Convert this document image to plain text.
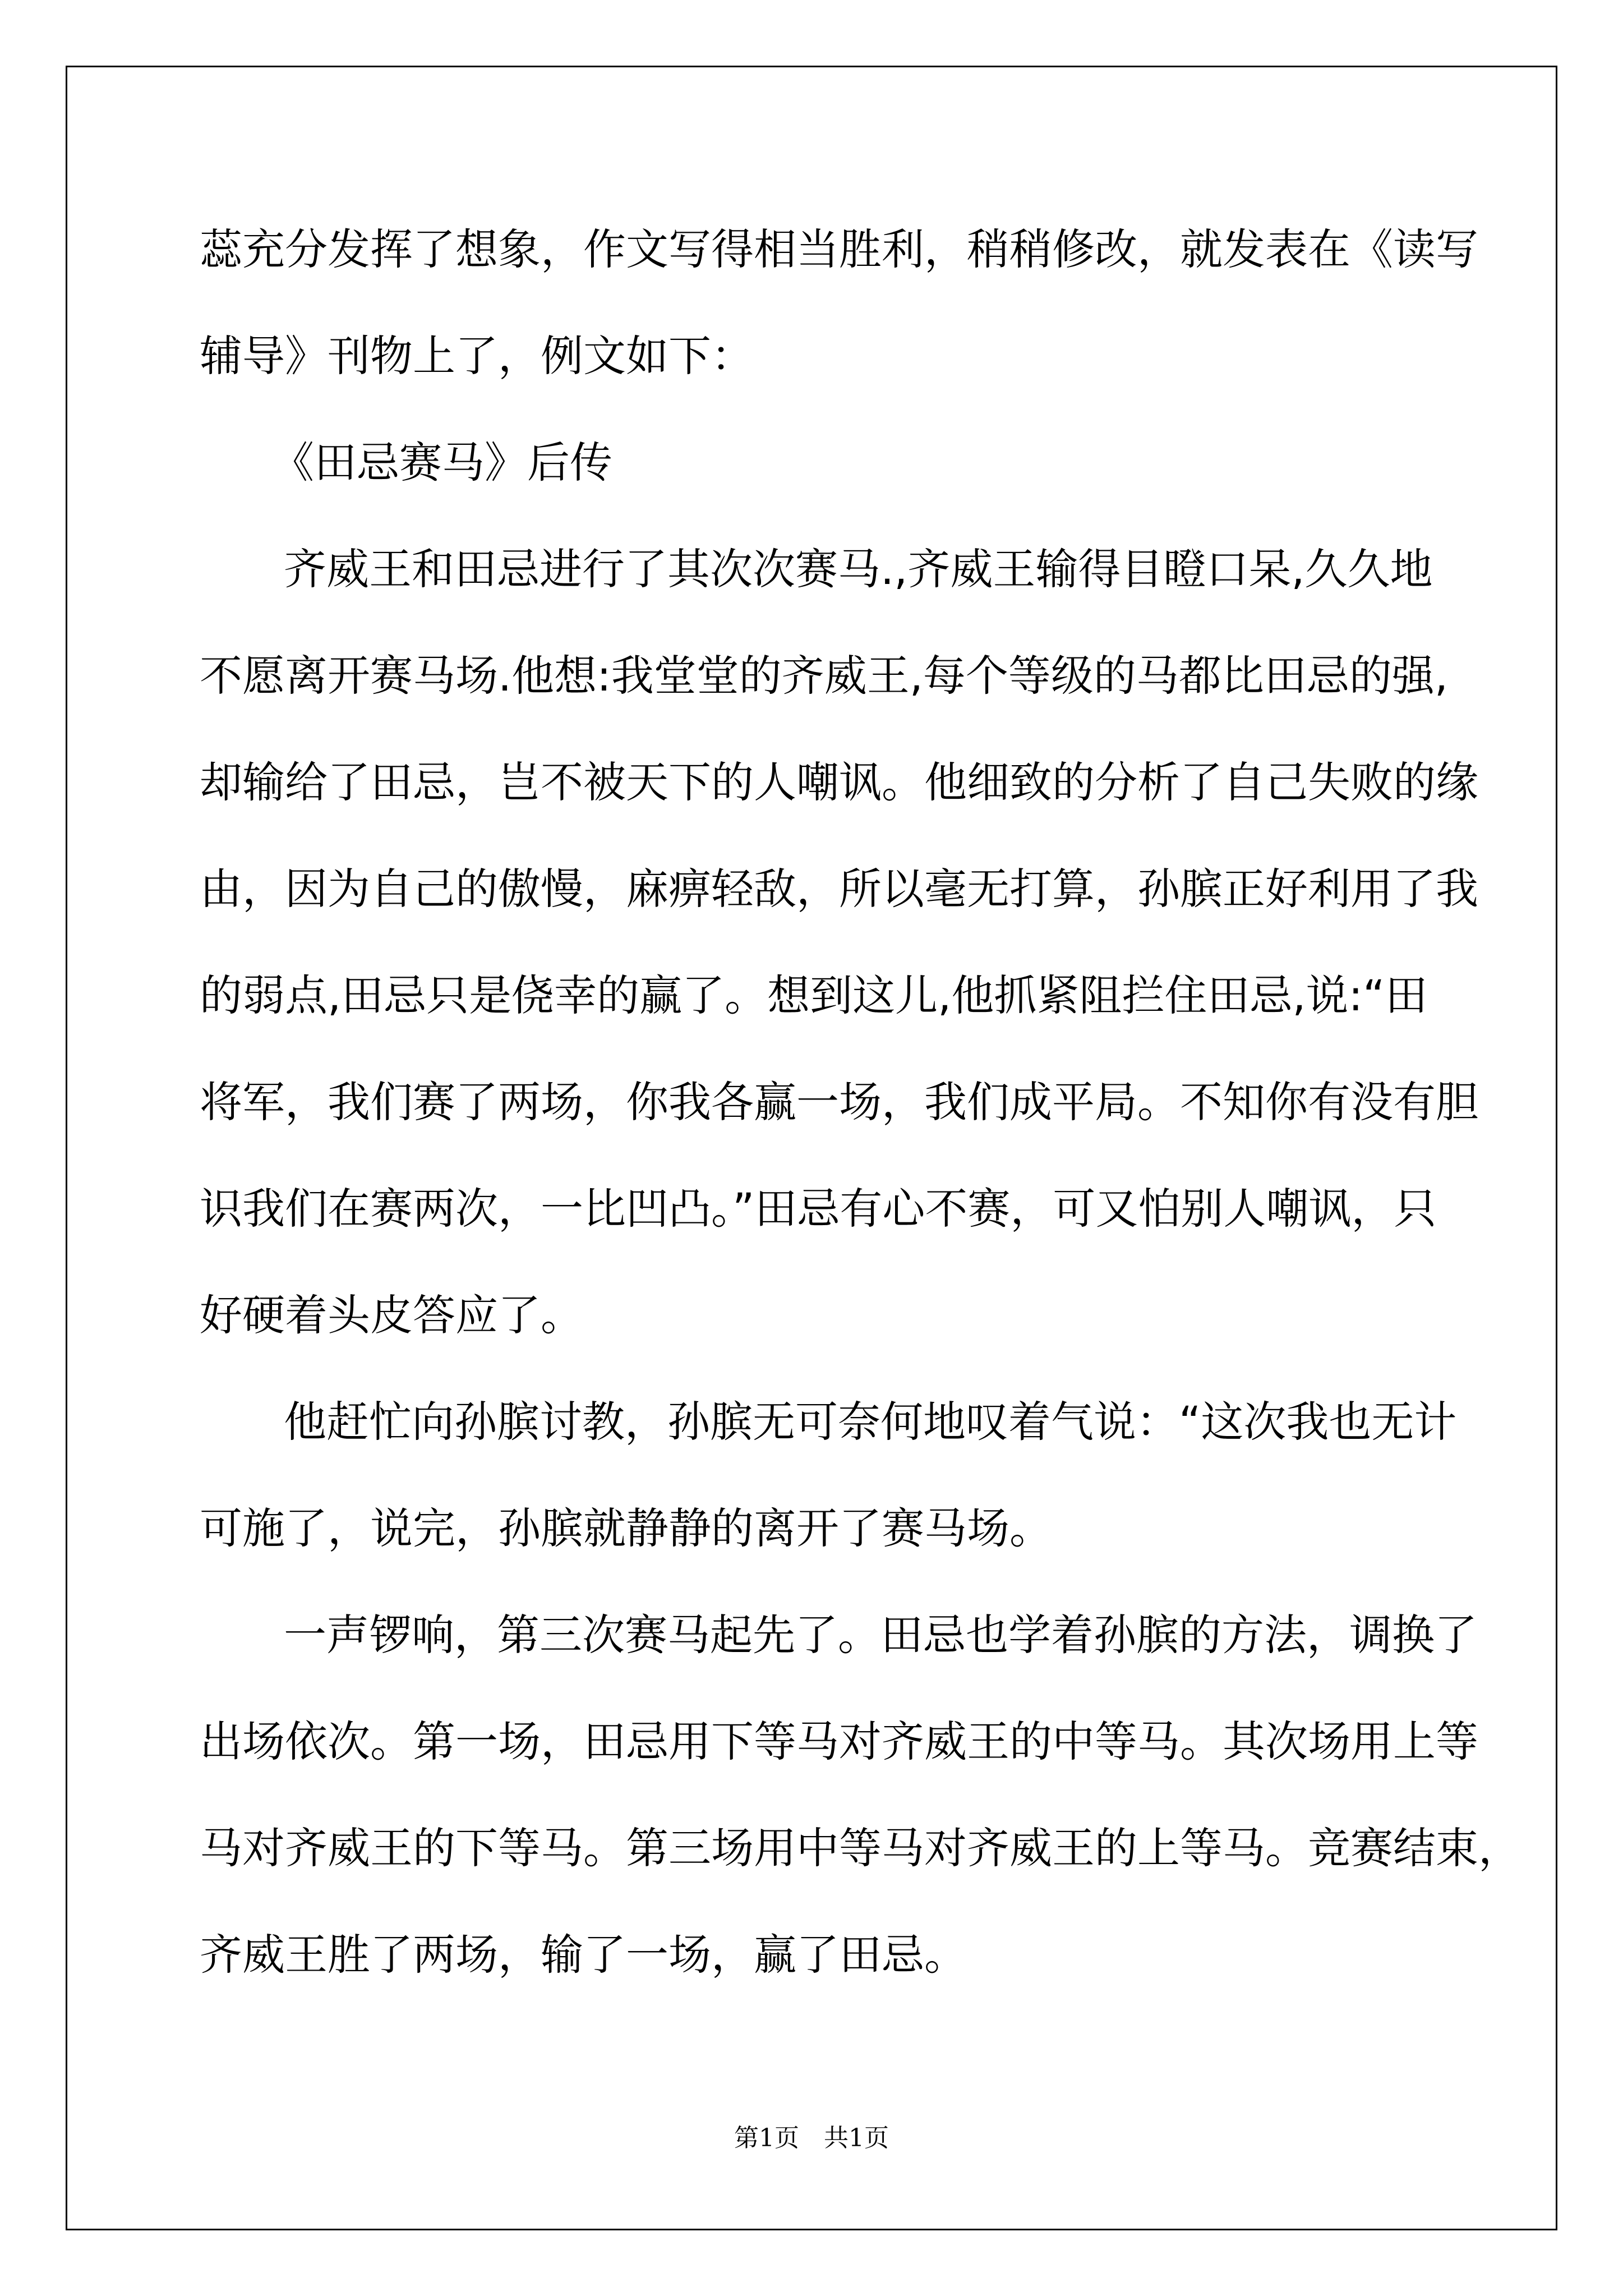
蕊充分发挥了想象，作文写得相当胜利，稍稍修改，就发表在《读写
辅导》刊物上了，例文如下：
《田忌赛马》后传
齐威王和田忌进行了其次次赛马.,齐威王输得目瞪口呆,久久地
不愿离开赛马场.他想:我堂堂的齐威王,每个等级的马都比田忌的强,
却输给了田忌，岂不被天下的人嘲讽。他细致的分析了自己失败的缘
由，因为自己的傲慢，麻痹轻敌，所以毫无打算，孙膑正好利用了我
的弱点,田忌只是侥幸的赢了。想到这儿,他抓紧阻拦住田忌,说:“田
将军，我们赛了两场，你我各赢一场，我们成平局。不知你有没有胆
识我们在赛两次，一比凹凸。”田忌有心不赛，可又怕别人嘲讽，只
好硬着头皮答应了。
他赶忙向孙膑讨教，孙膑无可奈何地叹着气说：“这次我也无计
可施了，说完，孙膑就静静的离开了赛马场。
一声锣响，第三次赛马起先了。田忌也学着孙膑的方法，调换了
出场依次。第一场，田忌用下等马对齐威王的中等马。其次场用上等
马对齐威王的下等马。第三场用中等马对齐威王的上等马。竞赛结束，
齐威王胜了两场，输了一场，赢了田忌。
第1页　共1页
